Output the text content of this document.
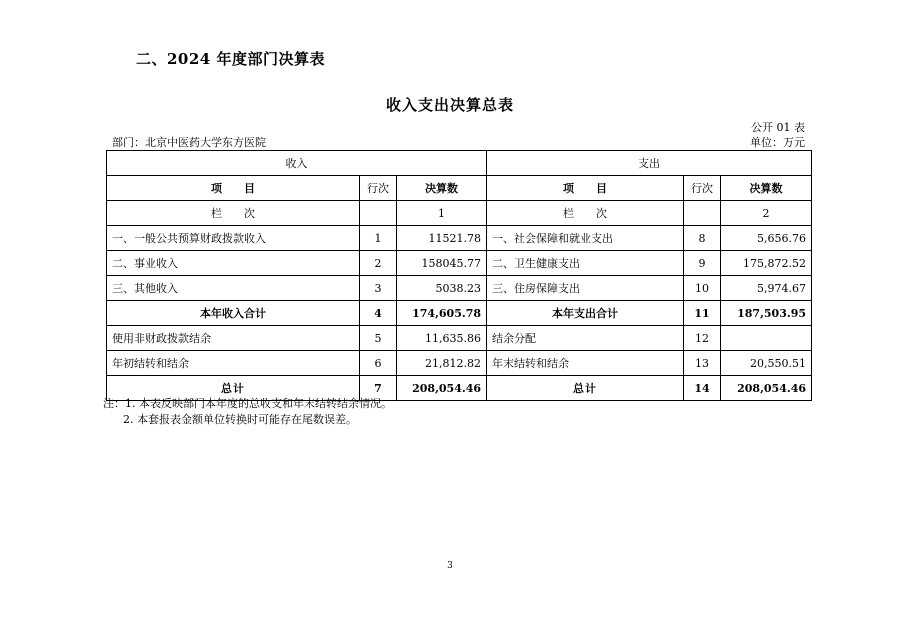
二、2024 年度部门决算表
收入支出决算总表
公开 01 表
部门：北京中医药大学东方医院	单位：万元
收入			支出		
项　　目	行次	决算数	项　　目	行次	决算数
栏　　次		1	栏　　次		2
一、一般公共预算财政拨款收入	1	11521.78	一、社会保障和就业支出	8	5,656.76
二、事业收入	2	158045.77	二、卫生健康支出	9	175,872.52
三、其他收入	3	5038.23	三、住房保障支出	10	5,974.67
本年收入合计	4	174,605.78	本年支出合计	11	187,503.95
使用非财政拨款结余	5	11,635.86	结余分配	12	
年初结转和结余	6	21,812.82	年末结转和结余	13	20,550.51
总计	7	208,054.46	总计	14	208,054.46
注：1. 本表反映部门本年度的总收支和年末结转结余情况。
2. 本套报表金额单位转换时可能存在尾数误差。
3
